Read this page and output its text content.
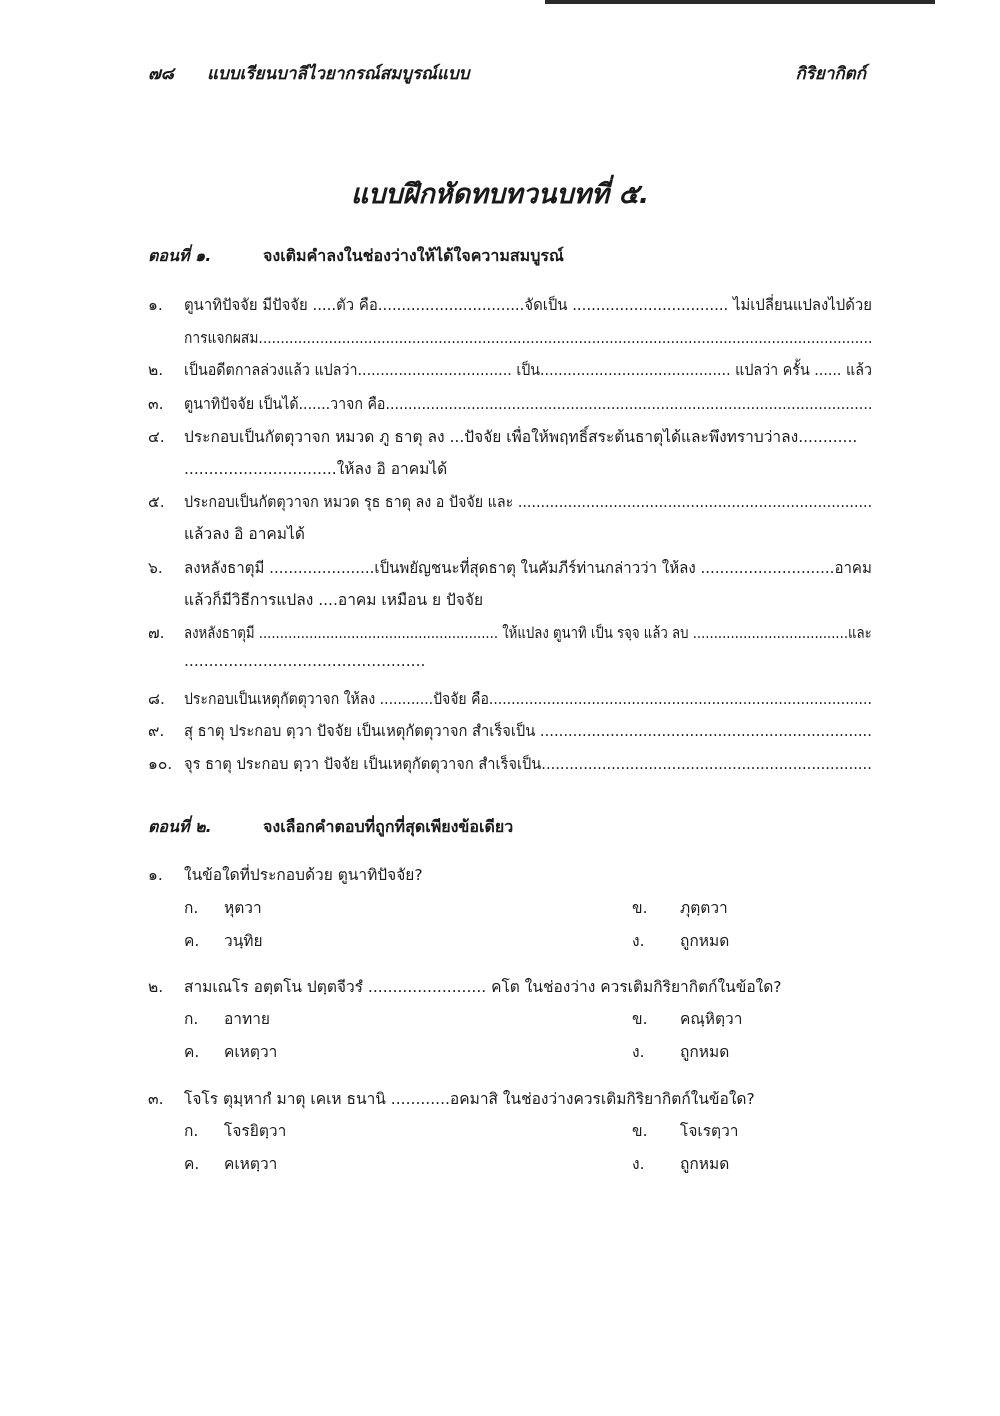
๗๘ แบบเรียนบาลีไวยากรณ์สมบูรณ์แบบ	กิริยากิตก์
แบบฝึกหัดทบทวนบทที่ ๕.
ตอนที่ ๑.	จงเติมคำลงในช่องว่างให้ได้ใจความสมบูรณ์
๑. ตูนาทิปัจจัย มีปัจจัย .....ตัว คือ...............................จัดเป็น ................................. ไม่เปลี่ยนแปลงไปด้วย
การแจกผสม............................................................................................................................................
๒. เป็นอดีตกาลล่วงแล้ว แปลว่า.................................. เป็น.......................................... แปลว่า ครั้น ...... แล้ว
๓. ตูนาทิปัจจัย เป็นได้.......วาจก คือ............................................................................................................
๔. ประกอบเป็นกัตตุวาจก หมวด ภู ธาตุ ลง ...ปัจจัย เพื่อให้พฤทธิ์สระต้นธาตุได้และพึงทราบว่าลง............
...............................ให้ลง อิ อาคมได้
๕. ประกอบเป็นกัตตุวาจก หมวด รุธ ธาตุ ลง อ ปัจจัย และ ..............................................................................
แล้วลง อิ อาคมได้
๖. ลงหลังธาตุมี ......................เป็นพยัญชนะที่สุดธาตุ ในคัมภีร์ท่านกล่าวว่า ให้ลง ............................อาคม
แล้วก็มีวิธีการแปลง ....อาคม เหมือน ย ปัจจัย
๗. ลงหลังธาตุมี ......................................................... ให้แปลง ตูนาทิ เป็น รจฺจ แล้ว ลบ .....................................และ
.................................................
๘. ประกอบเป็นเหตุกัตตุวาจก ให้ลง ............ปัจจัย คือ......................................................................................
๙. สุ ธาตุ ประกอบ ตฺวา ปัจจัย เป็นเหตุกัตตุวาจก สำเร็จเป็น .......................................................................
๑๐. จุร ธาตุ ประกอบ ตฺวา ปัจจัย เป็นเหตุกัตตุวาจก สำเร็จเป็น.......................................................................
ตอนที่ ๒.	จงเลือกคำตอบที่ถูกที่สุดเพียงข้อเดียว
๑. ในข้อใดที่ประกอบด้วย ตูนาทิปัจจัย?
ก. หุตวา	ข. ภุตฺตวา
ค. วนฺทิย	ง. ถูกหมด
๒. สามเณโร อตฺตโน ปตฺตจีวรํ ........................ คโต ในช่องว่าง ควรเติมกิริยากิตก์ในข้อใด?
ก. อาทาย	ข. คณฺหิตฺวา
ค. คเหตฺวา	ง. ถูกหมด
๓. โจโร ตุมฺหากํ มาตุ เคเห ธนานิ ............อคมาสิ ในช่องว่างควรเติมกิริยากิตก์ในข้อใด?
ก. โจรยิตฺวา	ข. โจเรตฺวา
ค. คเหตฺวา	ง. ถูกหมด
